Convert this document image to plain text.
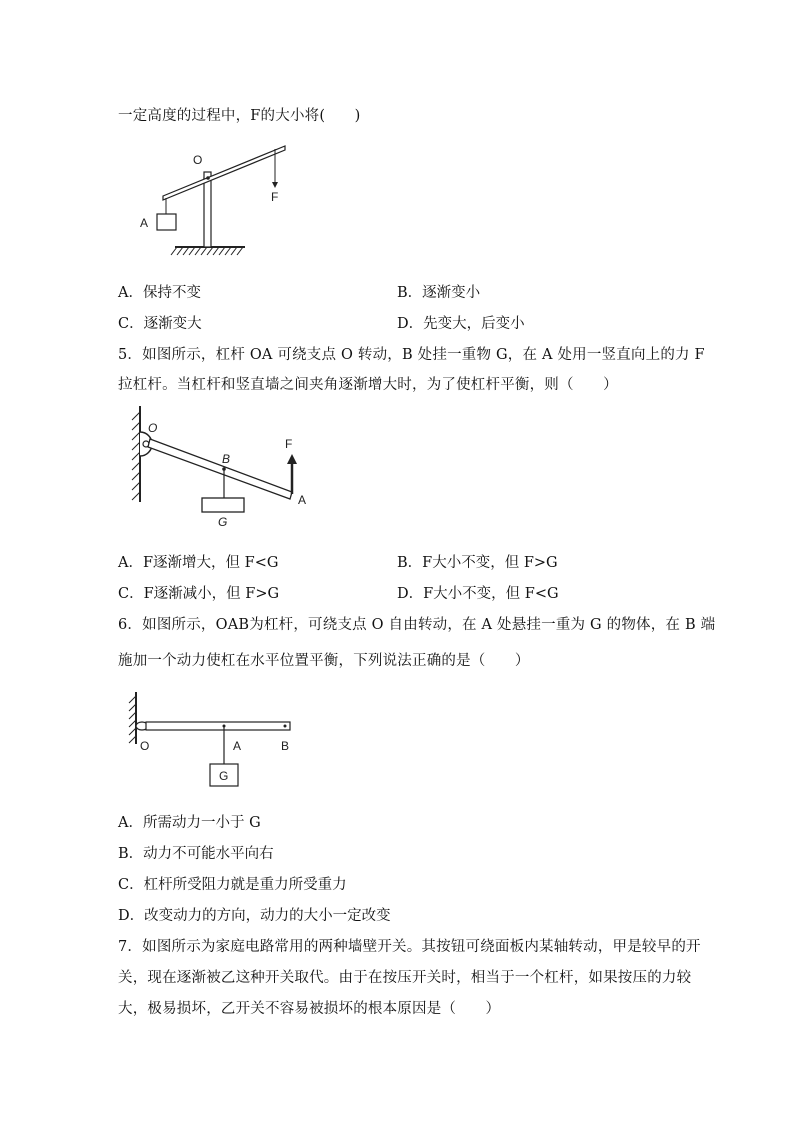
一定高度的过程中，F的大小将(　　)
O
A
F
A．保持不变	B．逐渐变小
C．逐渐变大	D．先变大，后变小
5．如图所示，杠杆 OA 可绕支点 O 转动，B 处挂一重物 G，在 A 处用一竖直向上的力 F
拉杠杆。当杠杆和竖直墙之间夹角逐渐增大时，为了使杠杆平衡，则（　　）
O
B
F
A
G
A．F逐渐增大，但 F<G	B．F大小不变，但 F>G
C．F逐渐减小，但 F>G	D．F大小不变，但 F<G
6．如图所示，OAB为杠杆，可绕支点 O 自由转动，在 A 处悬挂一重为 G 的物体，在 B 端
施加一个动力使杠在水平位置平衡，下列说法正确的是（　　）
O	A	B
G
A．所需动力一小于 G
B．动力不可能水平向右
C．杠杆所受阻力就是重力所受重力
D．改变动力的方向，动力的大小一定改变
7．如图所示为家庭电路常用的两种墙壁开关。其按钮可绕面板内某轴转动，甲是较早的开
关，现在逐渐被乙这种开关取代。由于在按压开关时，相当于一个杠杆，如果按压的力较
大，极易损坏，乙开关不容易被损坏的根本原因是（　　）
